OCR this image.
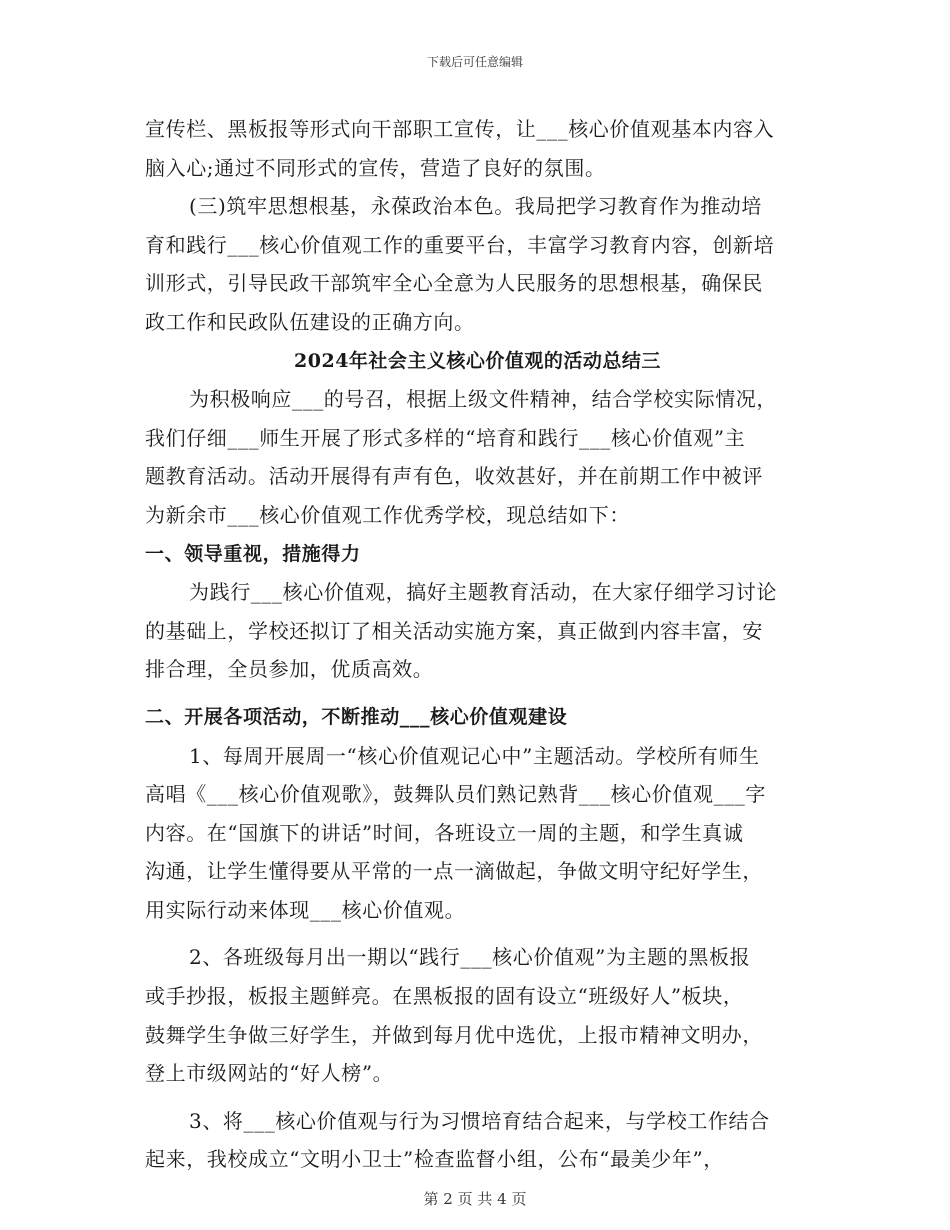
下载后可任意编辑
宣传栏、黑板报等形式向干部职工宣传，让___核心价值观基本内容入
脑入心;通过不同形式的宣传，营造了良好的氛围。
(三)筑牢思想根基，永葆政治本色。我局把学习教育作为推动培
育和践行___核心价值观工作的重要平台，丰富学习教育内容，创新培
训形式，引导民政干部筑牢全心全意为人民服务的思想根基，确保民
政工作和民政队伍建设的正确方向。
2024年社会主义核心价值观的活动总结三
为积极响应___的号召，根据上级文件精神，结合学校实际情况，
我们仔细___师生开展了形式多样的“培育和践行___核心价值观”主
题教育活动。活动开展得有声有色，收效甚好，并在前期工作中被评
为新余市___核心价值观工作优秀学校，现总结如下：
一、领导重视，措施得力
为践行___核心价值观，搞好主题教育活动，在大家仔细学习讨论
的基础上，学校还拟订了相关活动实施方案，真正做到内容丰富，安
排合理，全员参加，优质高效。
二、开展各项活动，不断推动___核心价值观建设
1、每周开展周一“核心价值观记心中”主题活动。学校所有师生
高唱《___核心价值观歌》，鼓舞队员们熟记熟背___核心价值观___字
内容。在“国旗下的讲话”时间，各班设立一周的主题，和学生真诚
沟通，让学生懂得要从平常的一点一滴做起，争做文明守纪好学生，
用实际行动来体现___核心价值观。
2、各班级每月出一期以“践行___核心价值观”为主题的黑板报
或手抄报，板报主题鲜亮。在黑板报的固有设立“班级好人”板块，
鼓舞学生争做三好学生，并做到每月优中选优，上报市精神文明办，
登上市级网站的“好人榜”。
3、将___核心价值观与行为习惯培育结合起来，与学校工作结合
起来，我校成立“文明小卫士”检查监督小组，公布“最美少年”，
第 2 页 共 4 页
